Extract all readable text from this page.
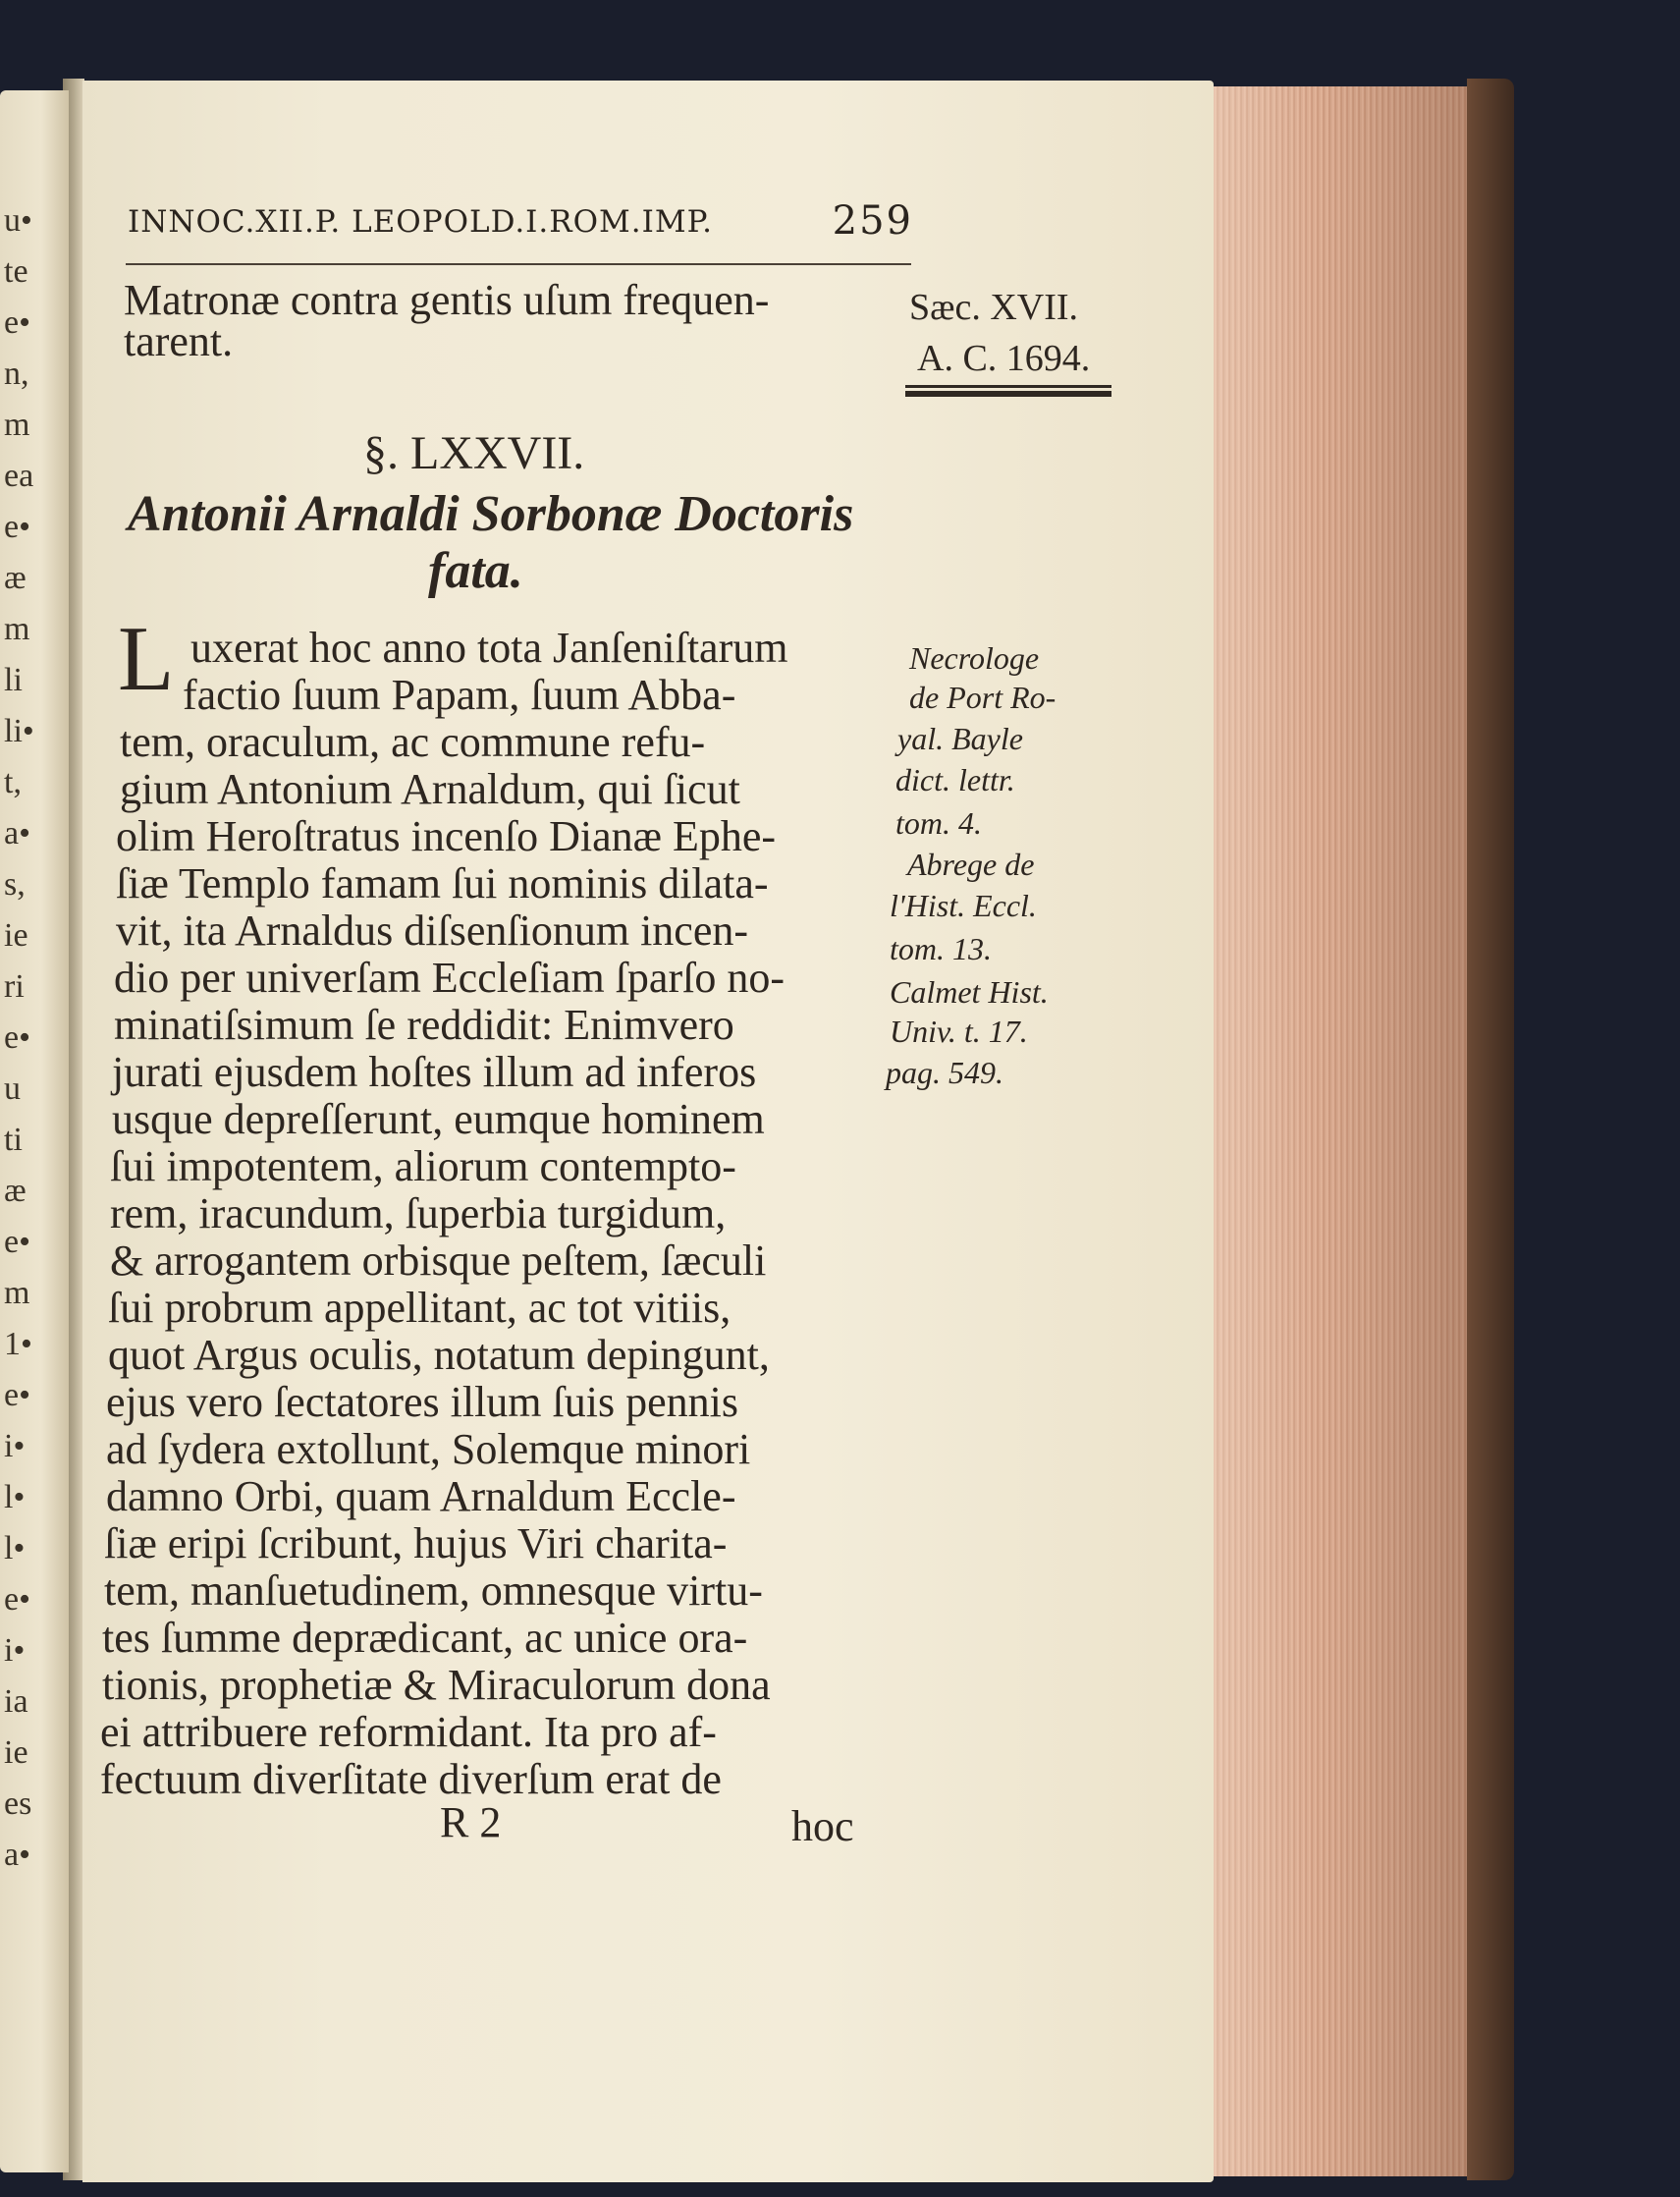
u•
te
e•
n,
m
ea
e•
æ
m
li
li•
t,
a•
s,
ie
ri
e•
u
ti
æ
e•
m
1•
e•
i•
l•
l•
e•
i•
ia
ie
es
a•
INNOC.XII.P. LEOPOLD.I.ROM.IMP.	259
Matronæ contra gentis uſum frequen-
tarent.
Sæc. XVII.
A. C. 1694.
§. LXXVII.
Antonii Arnaldi Sorbonæ Doctoris
fata.
L uxerat hoc anno tota Janſeniſtarum
factio ſuum Papam, ſuum Abba-
tem, oraculum, ac commune refu-
gium Antonium Arnaldum, qui ſicut
olim Heroſtratus incenſo Dianæ Ephe-
ſiæ Templo famam ſui nominis dilata-
vit, ita Arnaldus diſsenſionum incen-
dio per univerſam Eccleſiam ſparſo no-
minatiſsimum ſe reddidit: Enimvero
jurati ejusdem hoſtes illum ad inferos
usque depreſſerunt, eumque hominem
ſui impotentem, aliorum contempto-
rem, iracundum, ſuperbia turgidum,
& arrogantem orbisque peſtem, ſæculi
ſui probrum appellitant, ac tot vitiis,
quot Argus oculis, notatum depingunt,
ejus vero ſectatores illum ſuis pennis
ad ſydera extollunt, Solemque minori
damno Orbi, quam Arnaldum Eccle-
ſiæ eripi ſcribunt, hujus Viri charita-
tem, manſuetudinem, omnesque virtu-
tes ſumme deprædicant, ac unice ora-
tionis, prophetiæ & Miraculorum dona
ei attribuere reformidant. Ita pro af-
fectuum diverſitate diverſum erat de
Necrologe
de Port Ro-
yal. Bayle
dict. lettr.
tom. 4.
Abrege de
l'Hist. Eccl.
tom. 13.
Calmet Hist.
Univ. t. 17.
pag. 549.
R 2	hoc
